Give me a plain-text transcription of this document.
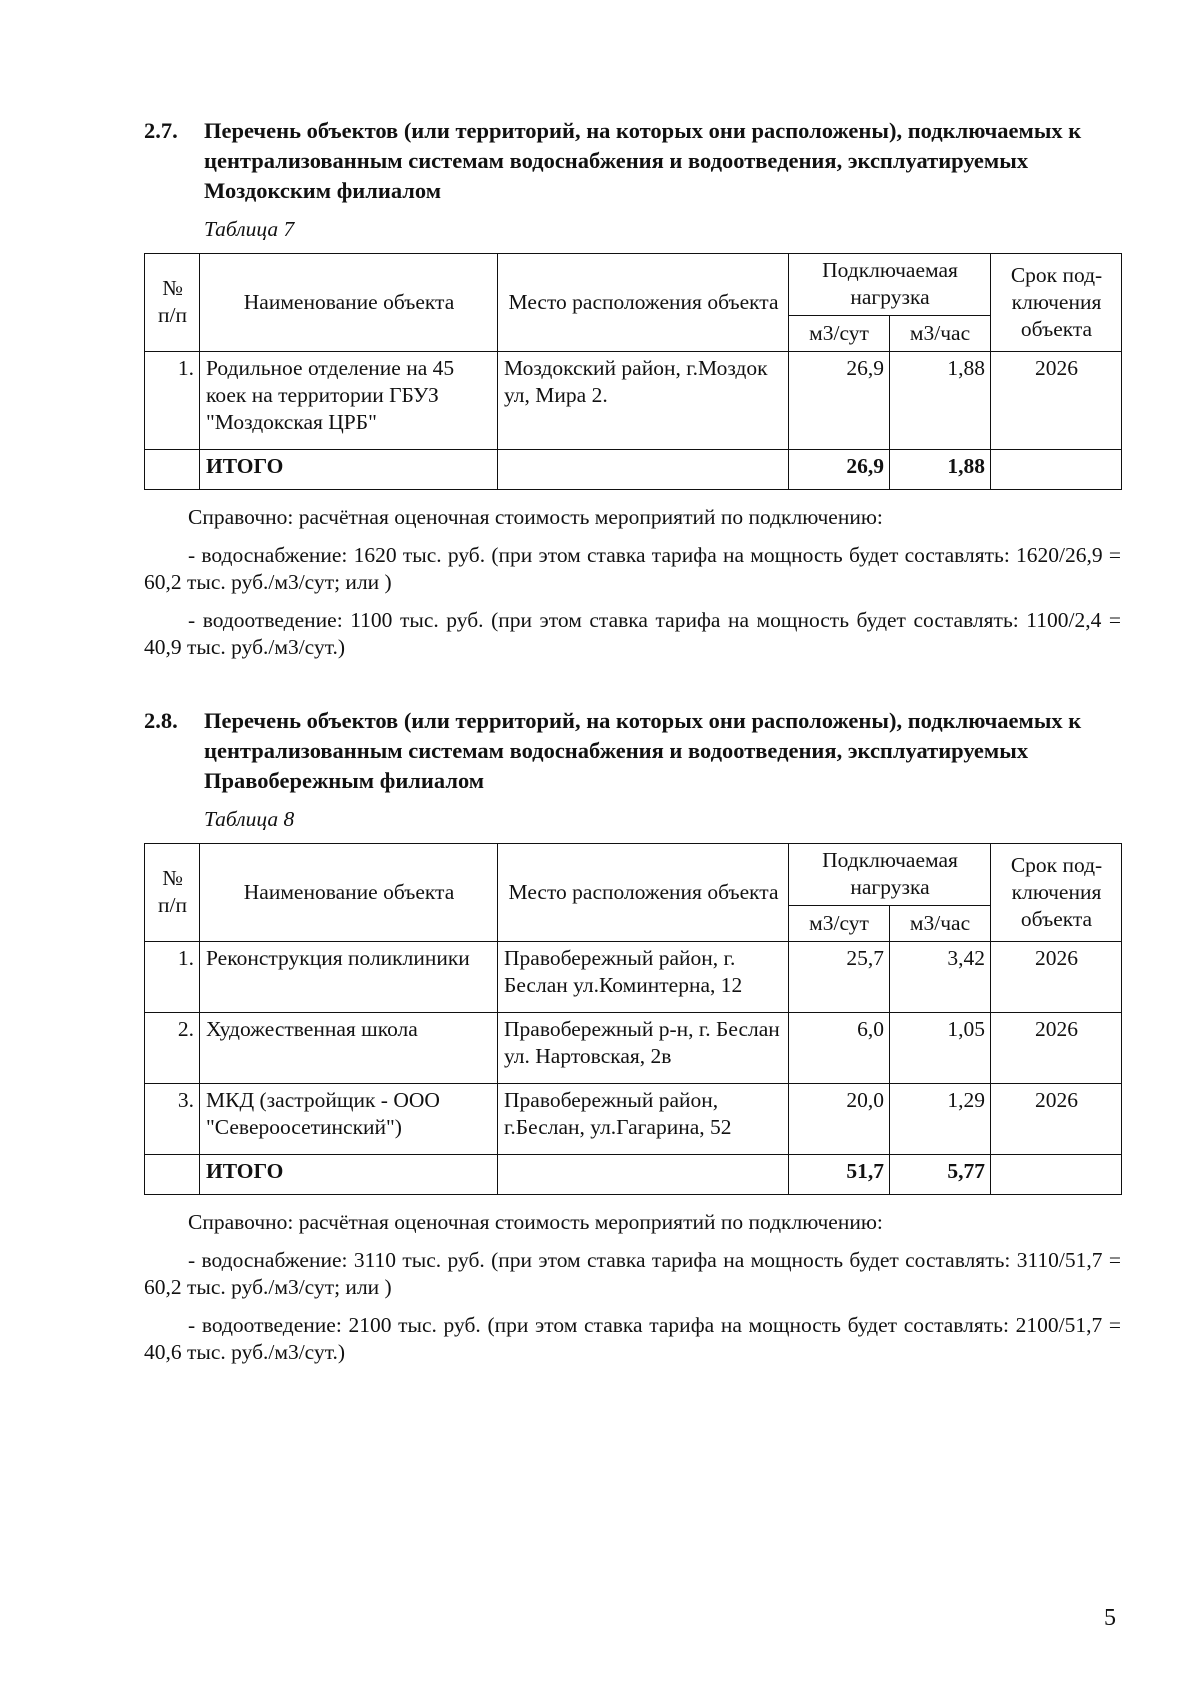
2.7.	Перечень объектов (или территорий, на которых они расположены), подключаемых к централизованным системам водоснабжения и водоотведения, эксплуатируемых Моздокским филиалом
Таблица 7
№ п/п	Наименование объекта	Место расположения объекта	Подключаемая нагрузка		Срок под-ключения объекта
			м3/сут	м3/час	
1.	Родильное отделение на 45 коек на территории ГБУЗ "Моздокская ЦРБ"	Моздокский район, г.Моздок ул, Мира 2.	26,9	1,88	2026
	ИТОГО		26,9	1,88	

Справочно: расчётная оценочная стоимость мероприятий по подключению:

- водоснабжение: 1620 тыс. руб. (при этом ставка тарифа на мощность будет составлять: 1620/26,9 = 60,2 тыс. руб./м3/сут; или )

- водоотведение: 1100 тыс. руб. (при этом ставка тарифа на мощность будет составлять: 1100/2,4 = 40,9 тыс. руб./м3/сут.)

2.8.	Перечень объектов (или территорий, на которых они расположены), подключаемых к централизованным системам водоснабжения и водоотведения, эксплуатируемых Правобережным филиалом
Таблица 8
№ п/п	Наименование объекта	Место расположения объекта	Подключаемая нагрузка		Срок под-ключения объекта
			м3/сут	м3/час	
1.	Реконструкция поликлиники	Правобережный район, г. Беслан ул.Коминтерна, 12	25,7	3,42	2026
2.	Художественная школа	Правобережный р-н, г. Беслан ул. Нартовская, 2в	6,0	1,05	2026
3.	МКД (застройщик - ООО "Североосетинский")	Правобережный район, г.Беслан, ул.Гагарина, 52	20,0	1,29	2026
	ИТОГО		51,7	5,77	

Справочно: расчётная оценочная стоимость мероприятий по подключению:

- водоснабжение: 3110 тыс. руб. (при этом ставка тарифа на мощность будет составлять: 3110/51,7 = 60,2 тыс. руб./м3/сут; или )

- водоотведение: 2100 тыс. руб. (при этом ставка тарифа на мощность будет составлять: 2100/51,7 = 40,6 тыс. руб./м3/сут.)

5
